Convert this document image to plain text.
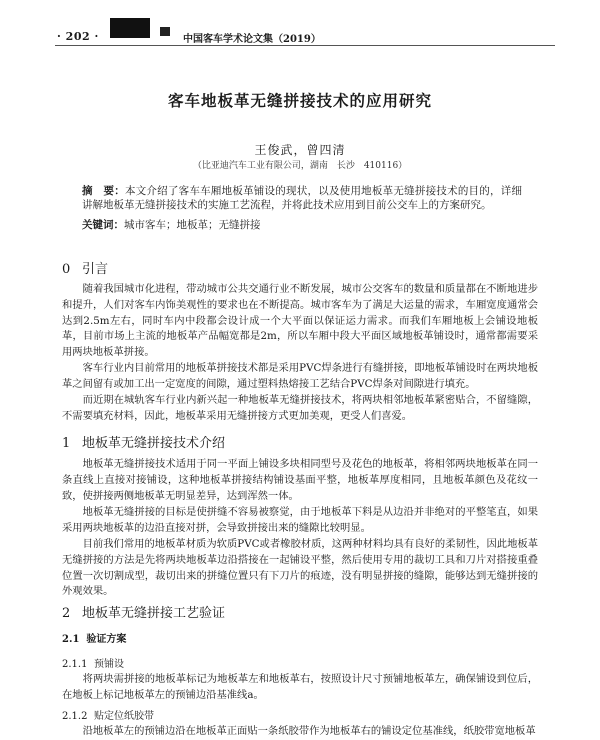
· 202 ·	中国客车学术论文集（2019）
客车地板革无缝拼接技术的应用研究
王俊武，曾四清
（比亚迪汽车工业有限公司，湖南　长沙　410116）
摘　要：本文介绍了客车车厢地板革铺设的现状，以及使用地板革无缝拼接技术的目的，详细讲解地板革无缝拼接技术的实施工艺流程，并将此技术应用到目前公交车上的方案研究。
关键词：城市客车；地板革；无缝拼接
0 引言

随着我国城市化进程，带动城市公共交通行业不断发展，城市公交客车的数量和质量都在不断地进步和提升，人们对客车内饰美观性的要求也在不断提高。城市客车为了满足大运量的需求，车厢宽度通常会达到2.5m左右，同时车内中段都会设计成一个大平面以保证运力需求。而我们车厢地板上会铺设地板革，目前市场上主流的地板革产品幅宽都是2m，所以车厢中段大平面区域地板革铺设时，通常都需要采用两块地板革拼接。

客车行业内目前常用的地板革拼接技术都是采用PVC焊条进行有缝拼接，即地板革铺设时在两块地板革之间留有或加工出一定宽度的间隙，通过塑料热熔接工艺结合PVC焊条对间隙进行填充。

而近期在城轨客车行业内新兴起一种地板革无缝拼接技术，将两块相邻地板革紧密贴合，不留缝隙，不需要填充材料，因此，地板革采用无缝拼接方式更加美观，更受人们喜爱。

1 地板革无缝拼接技术介绍

地板革无缝拼接技术适用于同一平面上铺设多块相同型号及花色的地板革，将相邻两块地板革在同一条直线上直接对接铺设，这种地板革拼接结构铺设基面平整，地板革厚度相同，且地板革颜色及花纹一致，使拼接两侧地板革无明显差异，达到浑然一体。

地板革无缝拼接的目标是使拼缝不容易被察觉，由于地板革下料是从边沿并非绝对的平整笔直，如果采用两块地板革的边沿直接对拼，会导致拼接出来的缝隙比较明显。

目前我们常用的地板革材质为软质PVC或者橡胶材质，这两种材料均具有良好的柔韧性，因此地板革无缝拼接的方法是先将两块地板革边沿搭接在一起铺设平整，然后使用专用的裁切工具和刀片对搭接重叠位置一次切割成型，裁切出来的拼缝位置只有下刀片的痕迹，没有明显拼接的缝隙，能够达到无缝拼接的外观效果。

2 地板革无缝拼接工艺验证
2.1 验证方案
2.1.1 预铺设

将两块需拼接的地板革标记为地板革左和地板革右，按照设计尺寸预铺地板革左，确保铺设到位后，在地板上标记地板革左的预铺边沿基准线a。

2.1.2 贴定位纸胶带

沿地板革左的预铺边沿在地板革正面贴一条纸胶带作为地板革右的铺设定位基准线，纸胶带宽地板革
